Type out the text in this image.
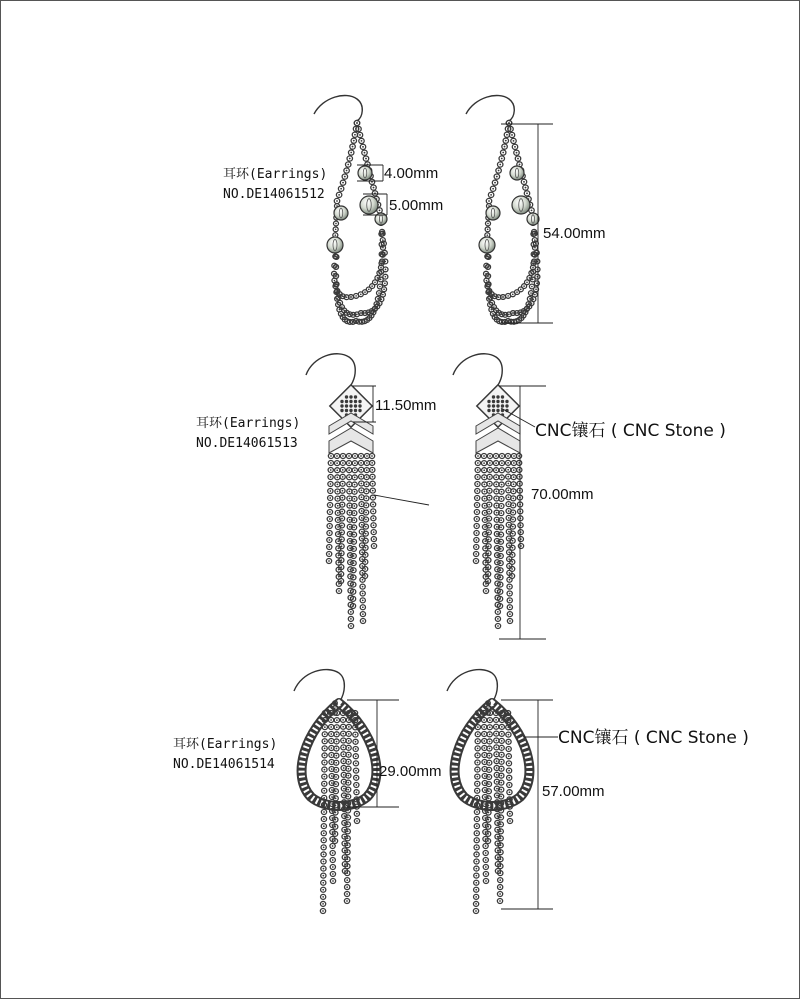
4.00mm
5.00mm
54.00mm
耳环(Earrings)
NO.DE14061512
11.50mm
70.00mm
CNC镶石 ( CNC Stone )
耳环(Earrings)
NO.DE14061513
29.00mm
57.00mm
CNC镶石 ( CNC Stone )
耳环(Earrings)
NO.DE14061514
